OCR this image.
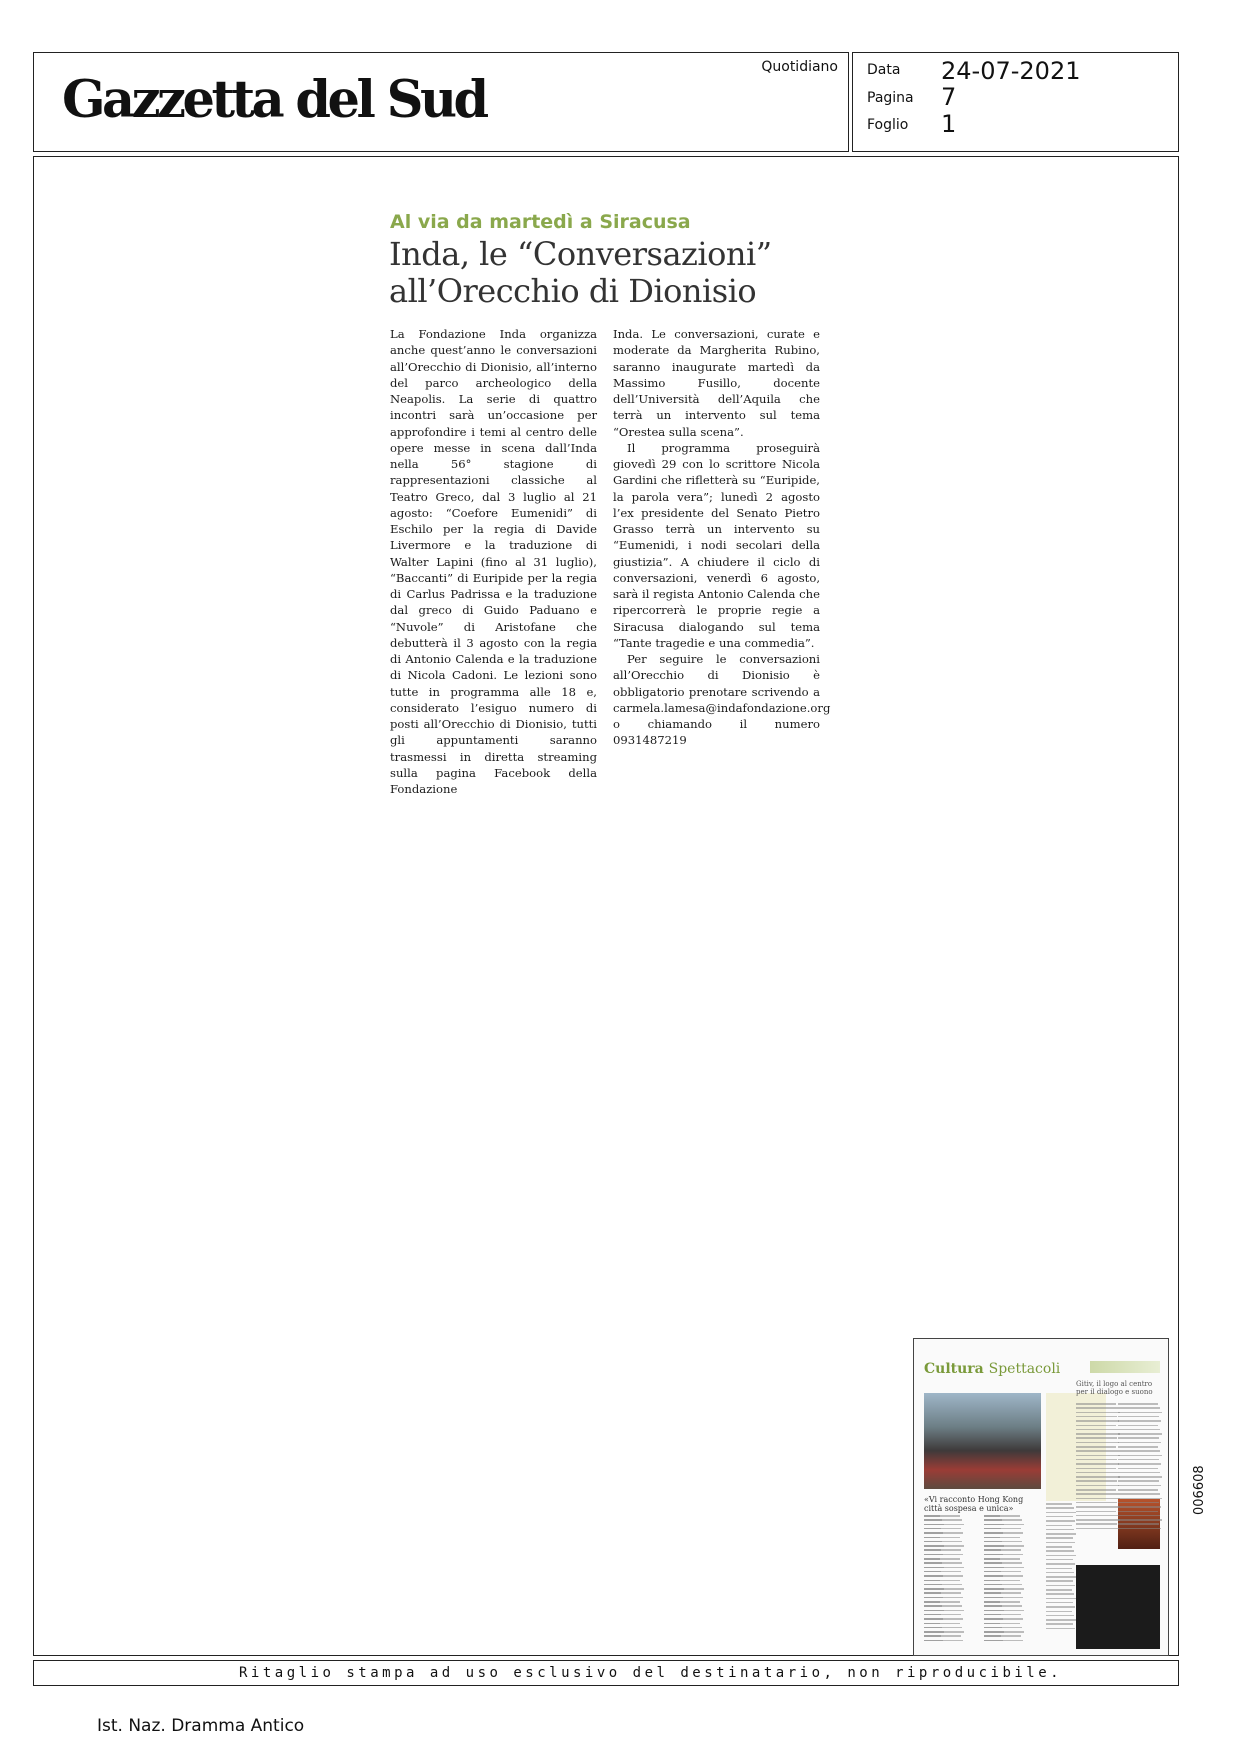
Gazzetta del Sud
Quotidiano Data 24-07-2021
Pagina 7
Foglio 1
Al via da martedì a Siracusa
Inda, le “Conversazioni”
all’Orecchio di Dionisio

La Fondazione Inda organizza anche quest’anno le conversazioni all’Orecchio di Dionisio, all’interno del parco archeologico della Neapolis. La serie di quattro incontri sarà un’occasione per approfondire i temi al centro delle opere messe in scena dall’Inda nella 56° stagione di rappresentazioni classiche al Teatro Greco, dal 3 luglio al 21 agosto: “Coefore Eumenidi” di Eschilo per la regia di Davide Livermore e la traduzione di Walter Lapini (fino al 31 luglio), “Baccanti” di Euripide per la regia di Carlus Padrissa e la traduzione dal greco di Guido Paduano e “Nuvole” di Aristofane che debutterà il 3 agosto con la regia di Antonio Calenda e la traduzione di Nicola Cadoni. Le lezioni sono tutte in programma alle 18 e, considerato l’esiguo numero di posti all’Orecchio di Dionisio, tutti gli appuntamenti saranno trasmessi in diretta streaming sulla pagina Facebook della Fondazione

Inda. Le conversazioni, curate e moderate da Margherita Rubino, saranno inaugurate martedì da Massimo Fusillo, docente dell’Università dell’Aquila che terrà un intervento sul tema “Orestea sulla scena”.

Il programma proseguirà giovedì 29 con lo scrittore Nicola Gardini che rifletterà su “Euripide, la parola vera”; lunedì 2 agosto l’ex presidente del Senato Pietro Grasso terrà un intervento su “Eumenidi, i nodi secolari della giustizia”. A chiudere il ciclo di conversazioni, venerdì 6 agosto, sarà il regista Antonio Calenda che ripercorrerà le proprie regie a Siracusa dialogando sul tema “Tante tragedie e una commedia”.

Per seguire le conversazioni all’Orecchio di Dionisio è obbligatorio prenotare scrivendo a carmela.lamesa@indafondazione.org o chiamando il numero 0931487219

Cultura Spettacoli
Gitiv, il logo al centro per il dialogo e suono
«Vi racconto Hong Kong città sospesa e unica»
Ritaglio stampa ad uso esclusivo del destinatario, non riproducibile.
006608
Ist. Naz. Dramma Antico
